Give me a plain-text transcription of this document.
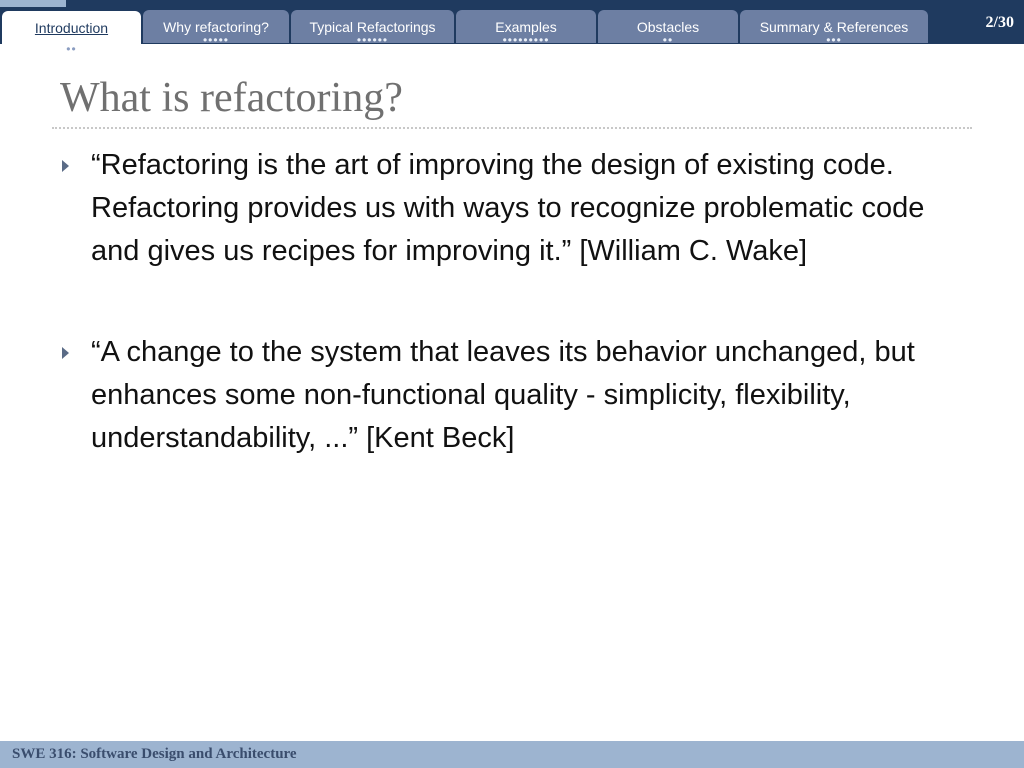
Introduction
••
Why refactoring?
•••••
Typical Refactorings
••••••
Examples
•••••••••
Obstacles
••
Summary & References
•••
2/30
What is refactoring?
“Refactoring is the art of improving the design of existing code. Refactoring provides us with ways to recognize problematic code and gives us recipes for improving it.” [William C. Wake]
“A change to the system that leaves its behavior unchanged, but enhances some non-functional quality - simplicity, flexibility, understandability, ...” [Kent Beck]
SWE 316: Software Design and Architecture
